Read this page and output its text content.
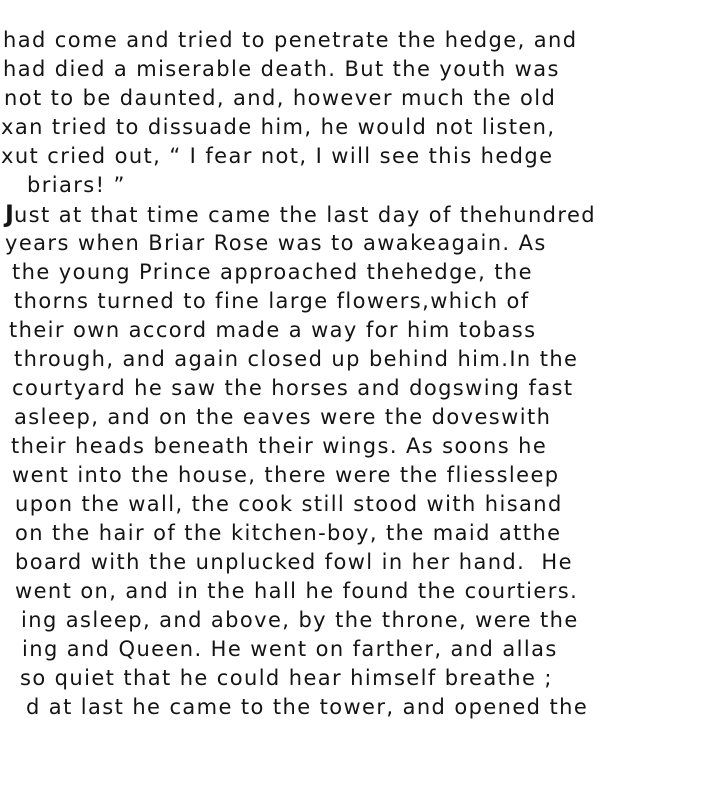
had come and tried to penetrate the hedge, and
had died a miserable death. But the youth was
not to be daunted, and, however much the old
xan tried to dissuade him, he would not listen,
xut cried out, “ I fear not, I will see this hedge
briars! ”
Just at that time came the last day of thehundred
years when Briar Rose was to awakeagain. As
the young Prince approached thehedge, the
thorns turned to fine large flowers,which of
their own accord made a way for him tobass
through, and again closed up behind him.In the
courtyard he saw the horses and dogswing fast
asleep, and on the eaves were the doveswith
their heads beneath their wings. As soons he
went into the house, there were the fliessleep
upon the wall, the cook still stood with hisand
on the hair of the kitchen-boy, the maid atthe
board with the unplucked fowl in her hand.  He
went on, and in the hall he found the courtiers.
ing asleep, and above, by the throne, were the
ing and Queen. He went on farther, and allas
so quiet that he could hear himself breathe ;
d at last he came to the tower, and opened the
